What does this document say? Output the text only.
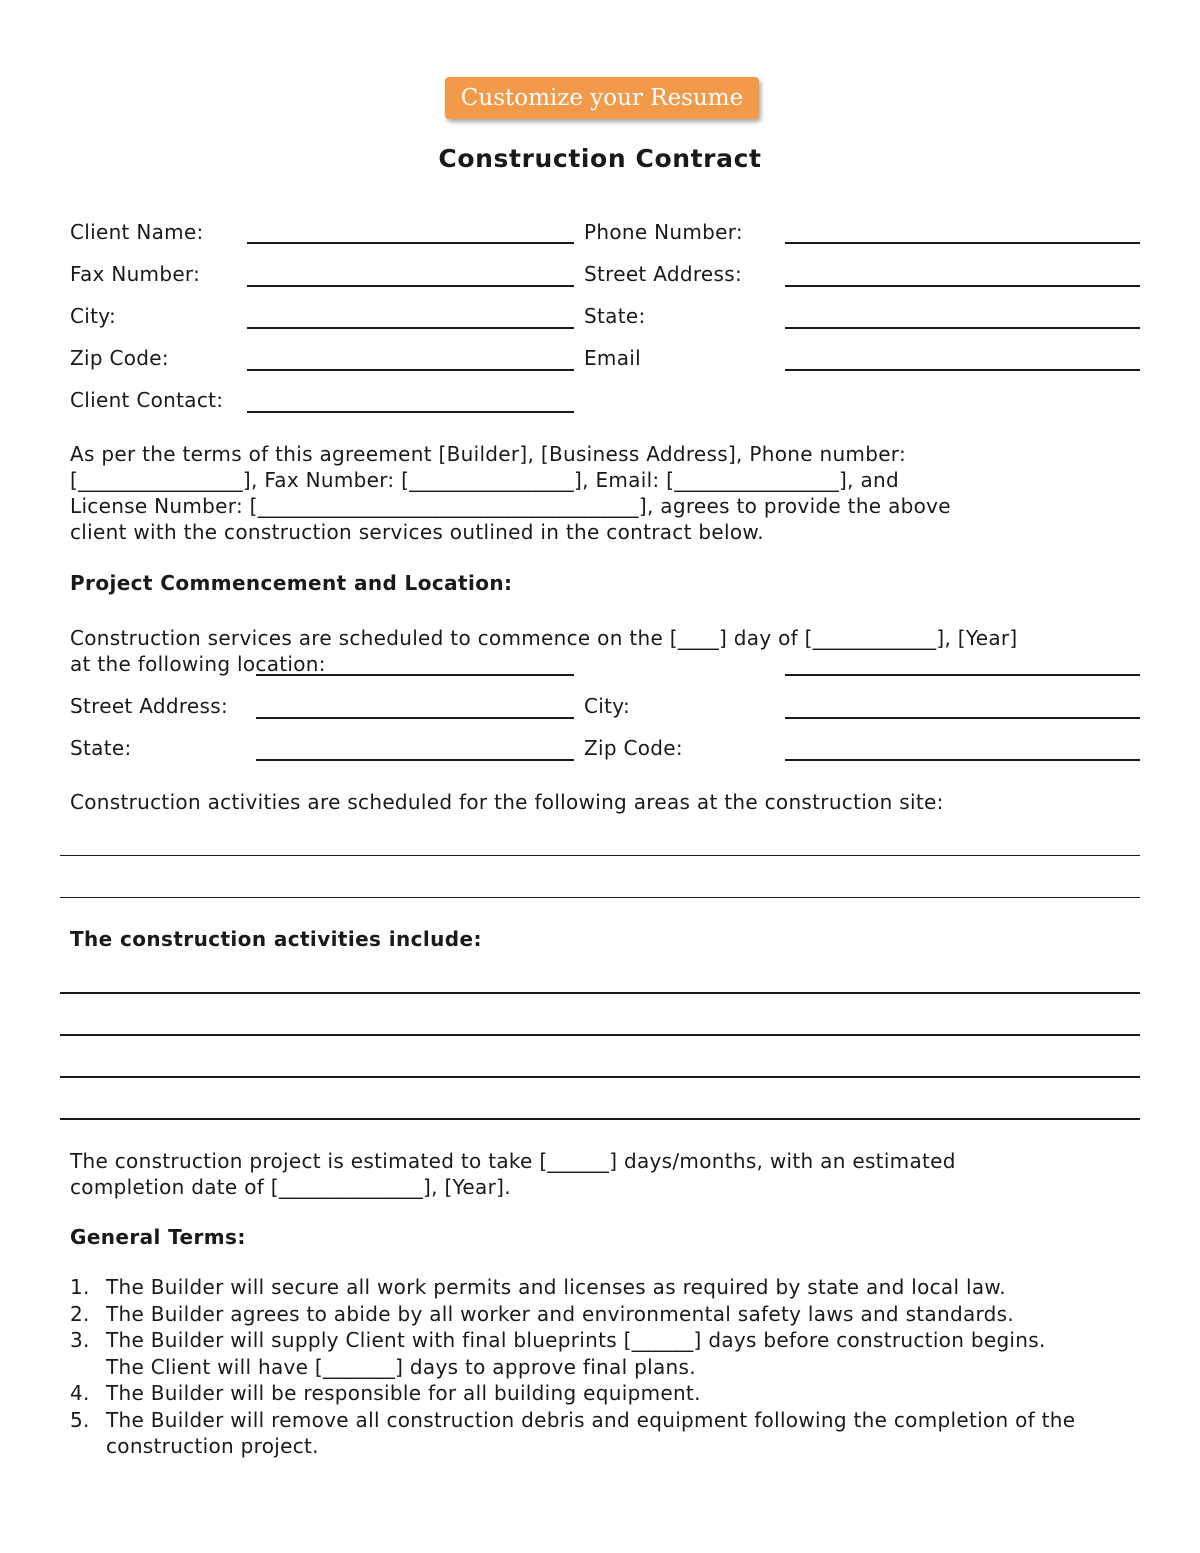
Customize your Resume
Construction Contract
Client Name:	Phone Number:
Fax Number:	Street Address:
City:	State:
Zip Code:	Email
Client Contact:
As per the terms of this agreement [Builder], [Business Address], Phone number:
[________________], Fax Number: [________________], Email: [________________], and
License Number: [_____________________________________], agrees to provide the above
client with the construction services outlined in the contract below.
Project Commencement and Location:
Construction services are scheduled to commence on the [____] day of [____________], [Year]
at the following location:
Street Address:	City:
State:	Zip Code:
Construction activities are scheduled for the following areas at the construction site:
The construction activities include:
The construction project is estimated to take [______] days/months, with an estimated
completion date of [______________], [Year].
General Terms:
1. The Builder will secure all work permits and licenses as required by state and local law.
2. The Builder agrees to abide by all worker and environmental safety laws and standards.
3. The Builder will supply Client with final blueprints [______] days before construction begins.
The Client will have [_______] days to approve final plans.
4. The Builder will be responsible for all building equipment.
5. The Builder will remove all construction debris and equipment following the completion of the
construction project.
